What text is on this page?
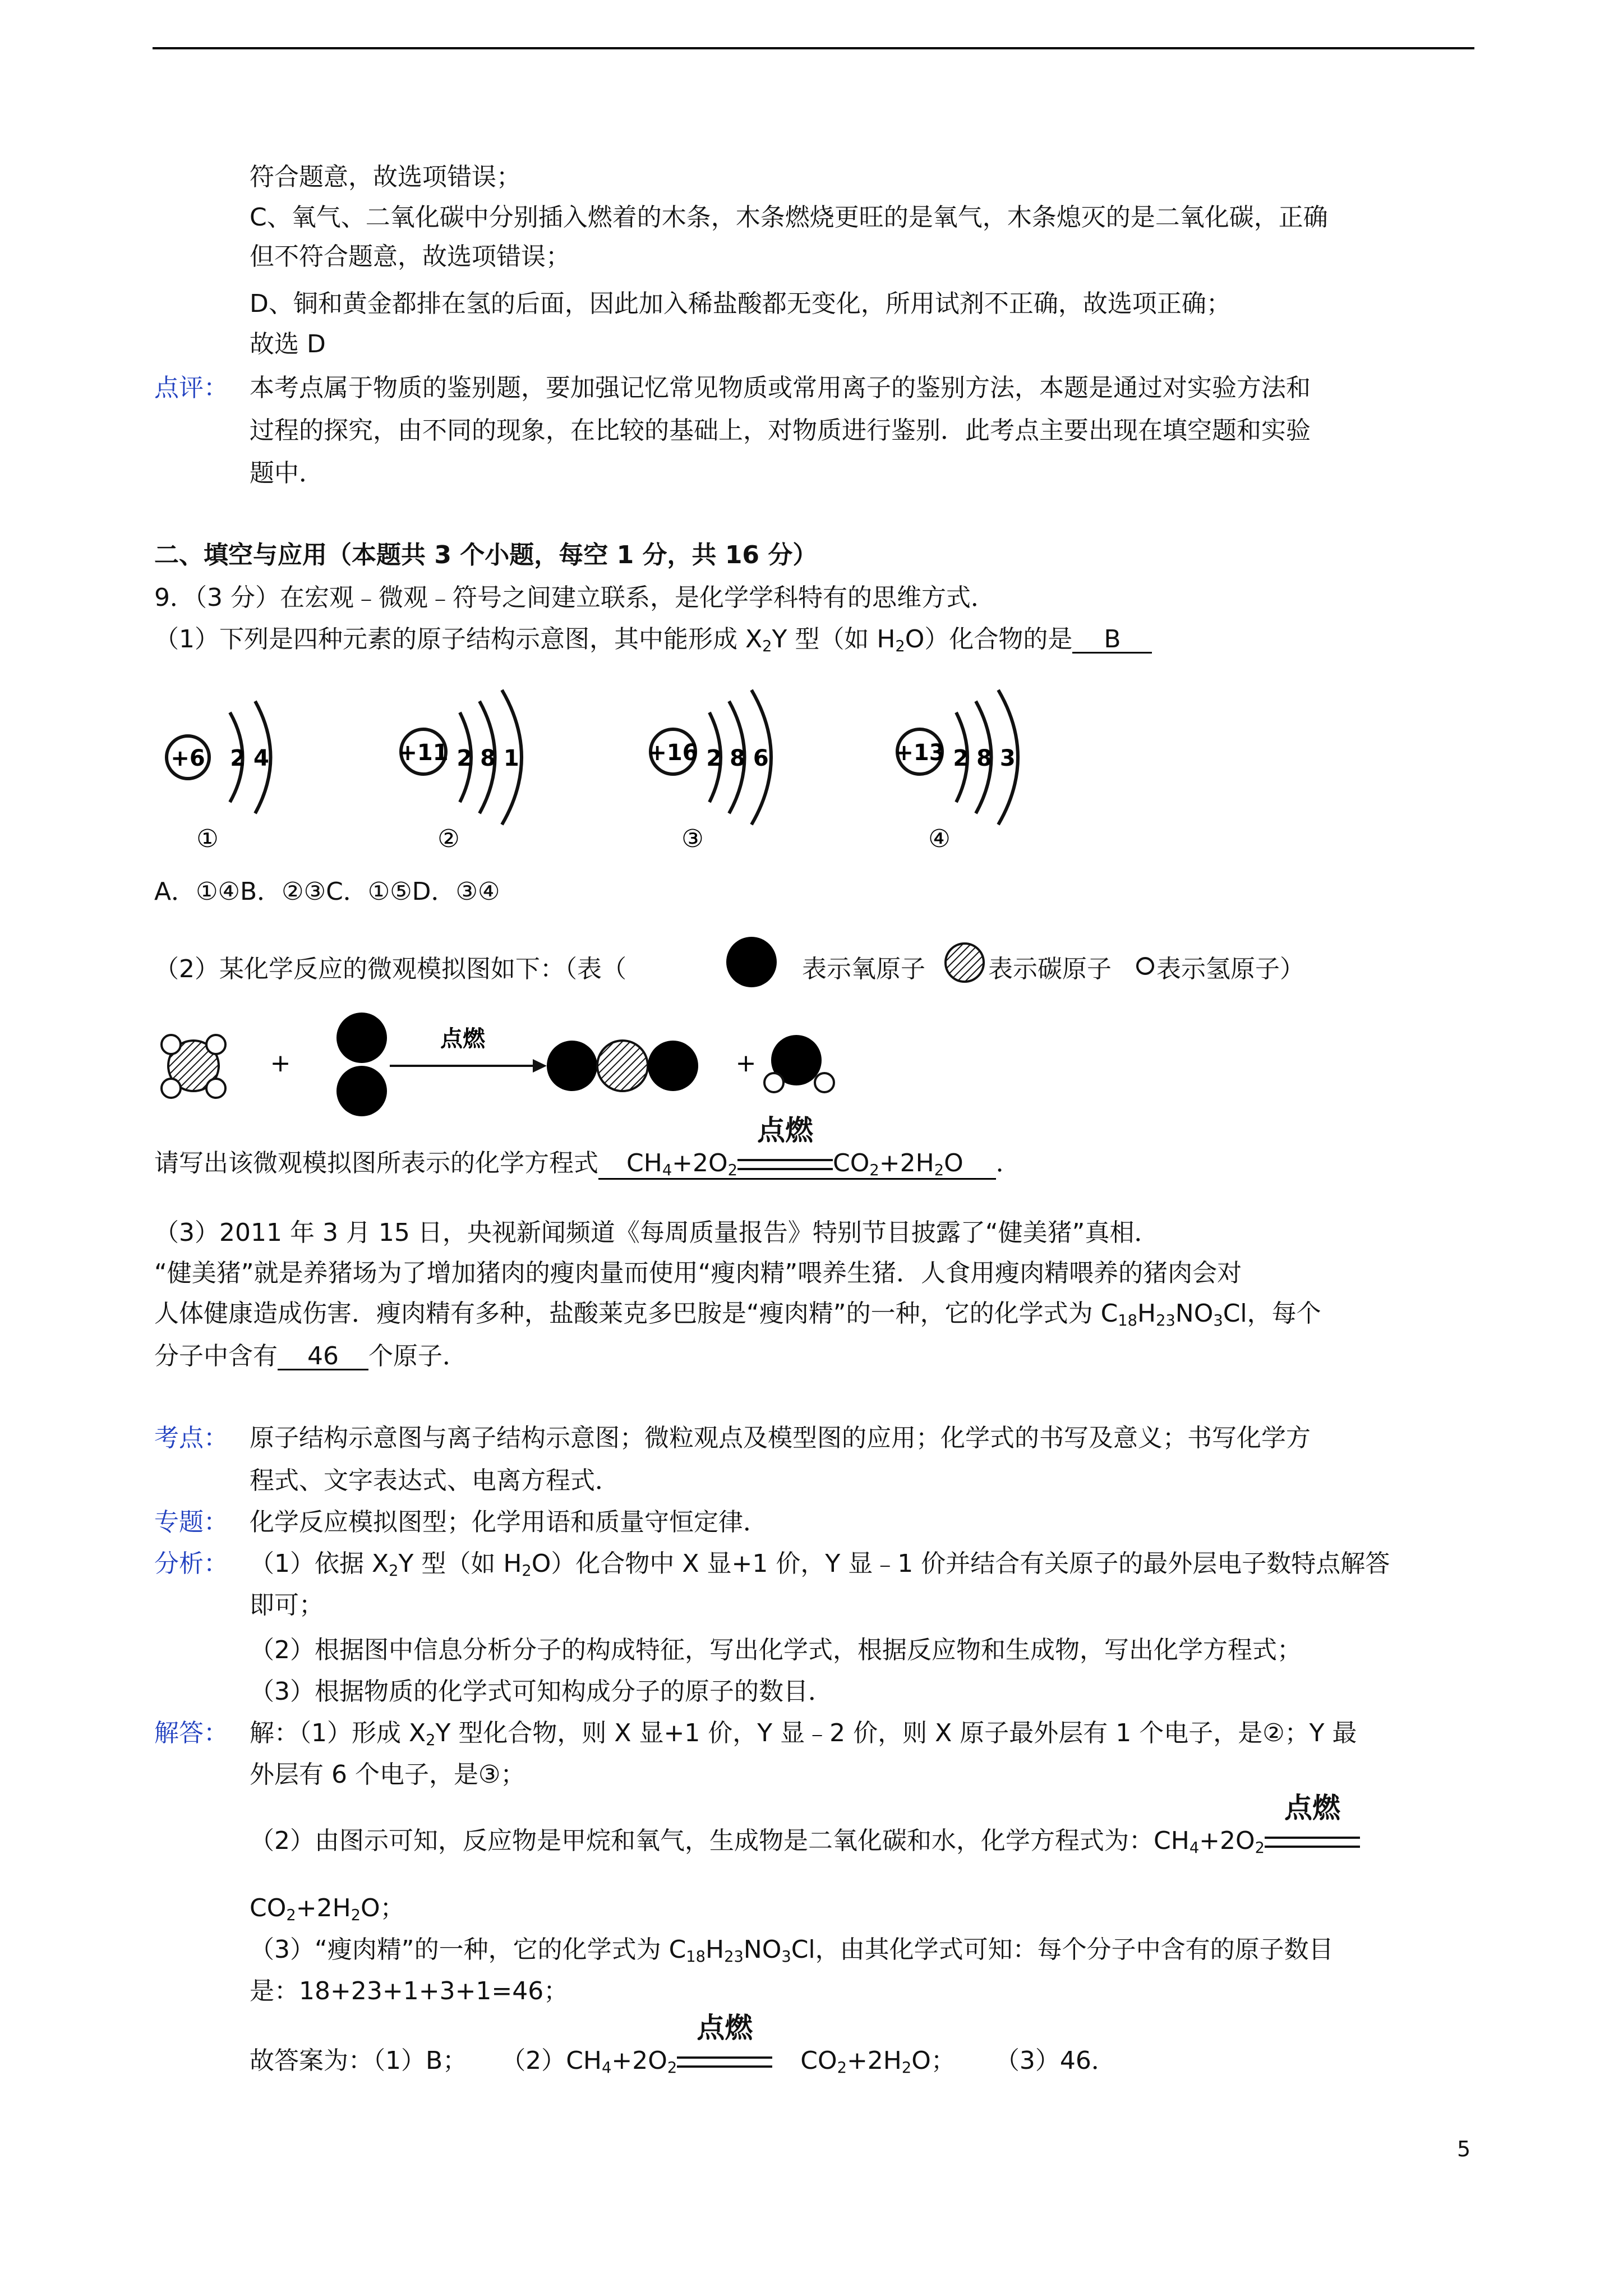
符合题意，故选项错误；
C、氧气、二氧化碳中分别插入燃着的木条，木条燃烧更旺的是氧气，木条熄灭的是二氧化碳，正确
但不符合题意，故选项错误；
D、铜和黄金都排在氢的后面，因此加入稀盐酸都无变化，所用试剂不正确，故选项正确；
故选 D
点评： 本考点属于物质的鉴别题，要加强记忆常见物质或常用离子的鉴别方法，本题是通过对实验方法和
过程的探究，由不同的现象，在比较的基础上，对物质进行鉴别．此考点主要出现在填空题和实验
题中．
二、填空与应用（本题共 3 个小题，每空 1 分，共 16 分）
9．（3 分）在宏观﹣微观﹣符号之间建立联系，是化学学科特有的思维方式．
（1）下列是四种元素的原子结构示意图，其中能形成 $X_2Y$ 型（如 $H_2O$）化合物的是 B
+6 2 4
①
+11 2 8 1
②
+16 2 8 6
③
+13 2 8 3
④
A．①④B．②③C．①⑤D．③④
（2）某化学反应的微观模拟图如下：（表（	表示氧原子	表示碳原子 表示氢原子）
+
点燃
+
请写出该微观模拟图所表示的化学方程式 $CH_4+2O_2$
点燃
$CO_2+2H_2O$ ．
（3）2011 年 3 月 15 日，央视新闻频道《每周质量报告》特别节目披露了“健美猪”真相．
“健美猪”就是养猪场为了增加猪肉的瘦肉量而使用“瘦肉精”喂养生猪．人食用瘦肉精喂养的猪肉会对
人体健康造成伤害．瘦肉精有多种，盐酸莱克多巴胺是“瘦肉精”的一种，它的化学式为 $C_{18}H_{23}NO_3Cl$，每个
分子中含有 46 个原子．
考点： 原子结构示意图与离子结构示意图；微粒观点及模型图的应用；化学式的书写及意义；书写化学方
程式、文字表达式、电离方程式．
专题： 化学反应模拟图型；化学用语和质量守恒定律．
分析： （1）依据 $X_2Y$ 型（如 $H_2O$）化合物中 X 显+1 价，Y 显﹣1 价并结合有关原子的最外层电子数特点解答
即可；
（2）根据图中信息分析分子的构成特征，写出化学式，根据反应物和生成物，写出化学方程式；
（3）根据物质的化学式可知构成分子的原子的数目．
解答： 解：（1）形成 $X_2Y$ 型化合物，则 X 显+1 价，Y 显﹣2 价，则 X 原子最外层有 1 个电子，是②；Y 最
外层有 6 个电子，是③；
（2）由图示可知，反应物是甲烷和氧气，生成物是二氧化碳和水，化学方程式为：$CH_4+2O_2$
点燃
$CO_2+2H_2O$；
（3）“瘦肉精”的一种，它的化学式为 $C_{18}H_{23}NO_3Cl$，由其化学式可知：每个分子中含有的原子数目
是：18+23+1+3+1=46；
故答案为：（1）B； $(2)CH_4+2O_2$
点燃
$CO_2+2H_2O$； （3）46．
5
